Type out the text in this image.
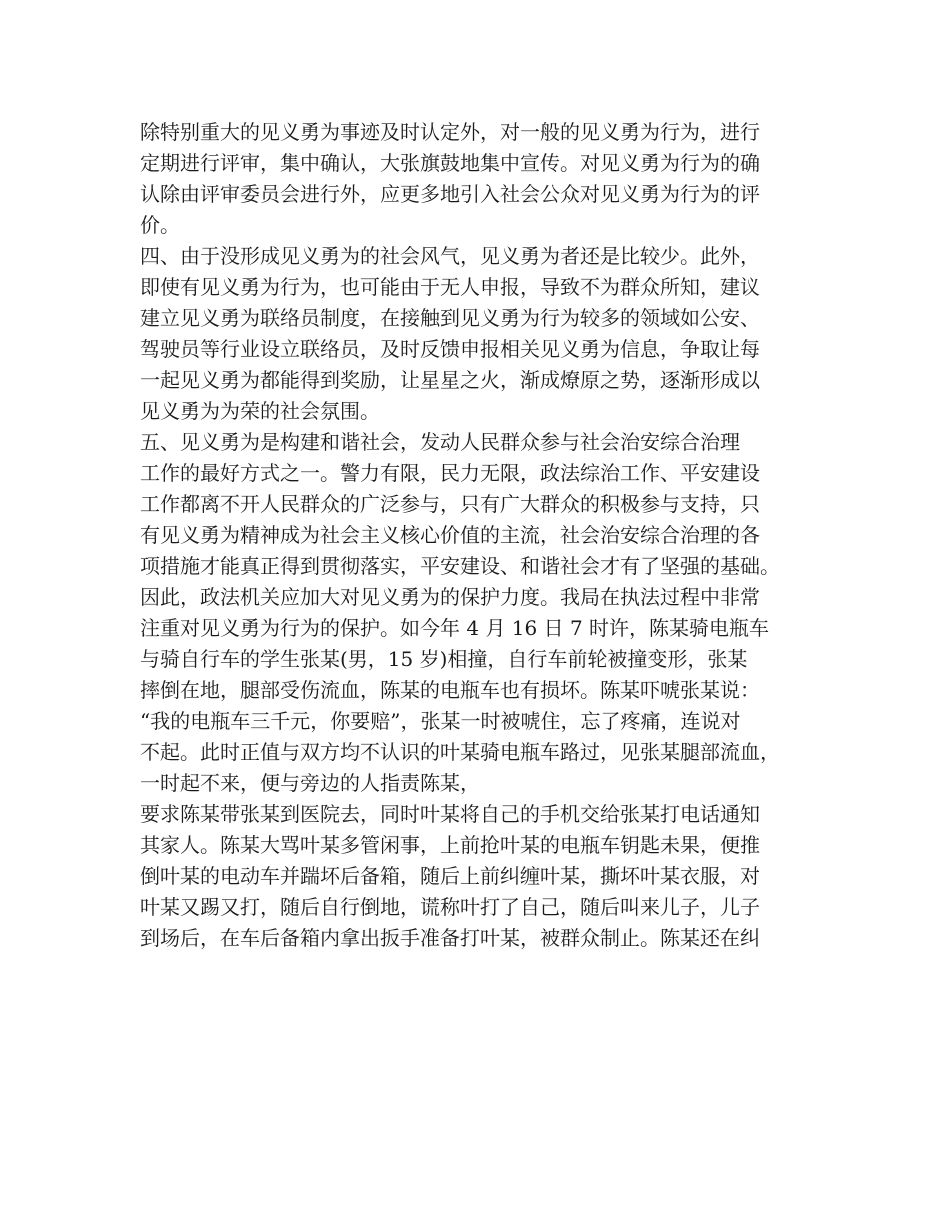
除特别重大的见义勇为事迹及时认定外，对一般的见义勇为行为，进行
定期进行评审，集中确认，大张旗鼓地集中宣传。对见义勇为行为的确
认除由评审委员会进行外，应更多地引入社会公众对见义勇为行为的评
价。
四、由于没形成见义勇为的社会风气，见义勇为者还是比较少。此外，
即使有见义勇为行为，也可能由于无人申报，导致不为群众所知，建议
建立见义勇为联络员制度，在接触到见义勇为行为较多的领域如公安、
驾驶员等行业设立联络员，及时反馈申报相关见义勇为信息，争取让每
一起见义勇为都能得到奖励，让星星之火，渐成燎原之势，逐渐形成以
见义勇为为荣的社会氛围。
五、见义勇为是构建和谐社会，发动人民群众参与社会治安综合治理
工作的最好方式之一。警力有限，民力无限，政法综治工作、平安建设
工作都离不开人民群众的广泛参与，只有广大群众的积极参与支持，只
有见义勇为精神成为社会主义核心价值的主流，社会治安综合治理的各
项措施才能真正得到贯彻落实，平安建设、和谐社会才有了坚强的基础。
因此，政法机关应加大对见义勇为的保护力度。我局在执法过程中非常
注重对见义勇为行为的保护。如今年 4 月 16 日 7 时许，陈某骑电瓶车
与骑自行车的学生张某(男，15 岁)相撞，自行车前轮被撞变形，张某
摔倒在地，腿部受伤流血，陈某的电瓶车也有损坏。陈某吓唬张某说：
“我的电瓶车三千元，你要赔”，张某一时被唬住，忘了疼痛，连说对
不起。此时正值与双方均不认识的叶某骑电瓶车路过，见张某腿部流血，
一时起不来，便与旁边的人指责陈某，
要求陈某带张某到医院去，同时叶某将自己的手机交给张某打电话通知
其家人。陈某大骂叶某多管闲事，上前抢叶某的电瓶车钥匙未果，便推
倒叶某的电动车并踹坏后备箱，随后上前纠缠叶某，撕坏叶某衣服，对
叶某又踢又打，随后自行倒地，谎称叶打了自己，随后叫来儿子，儿子
到场后，在车后备箱内拿出扳手准备打叶某，被群众制止。陈某还在纠
